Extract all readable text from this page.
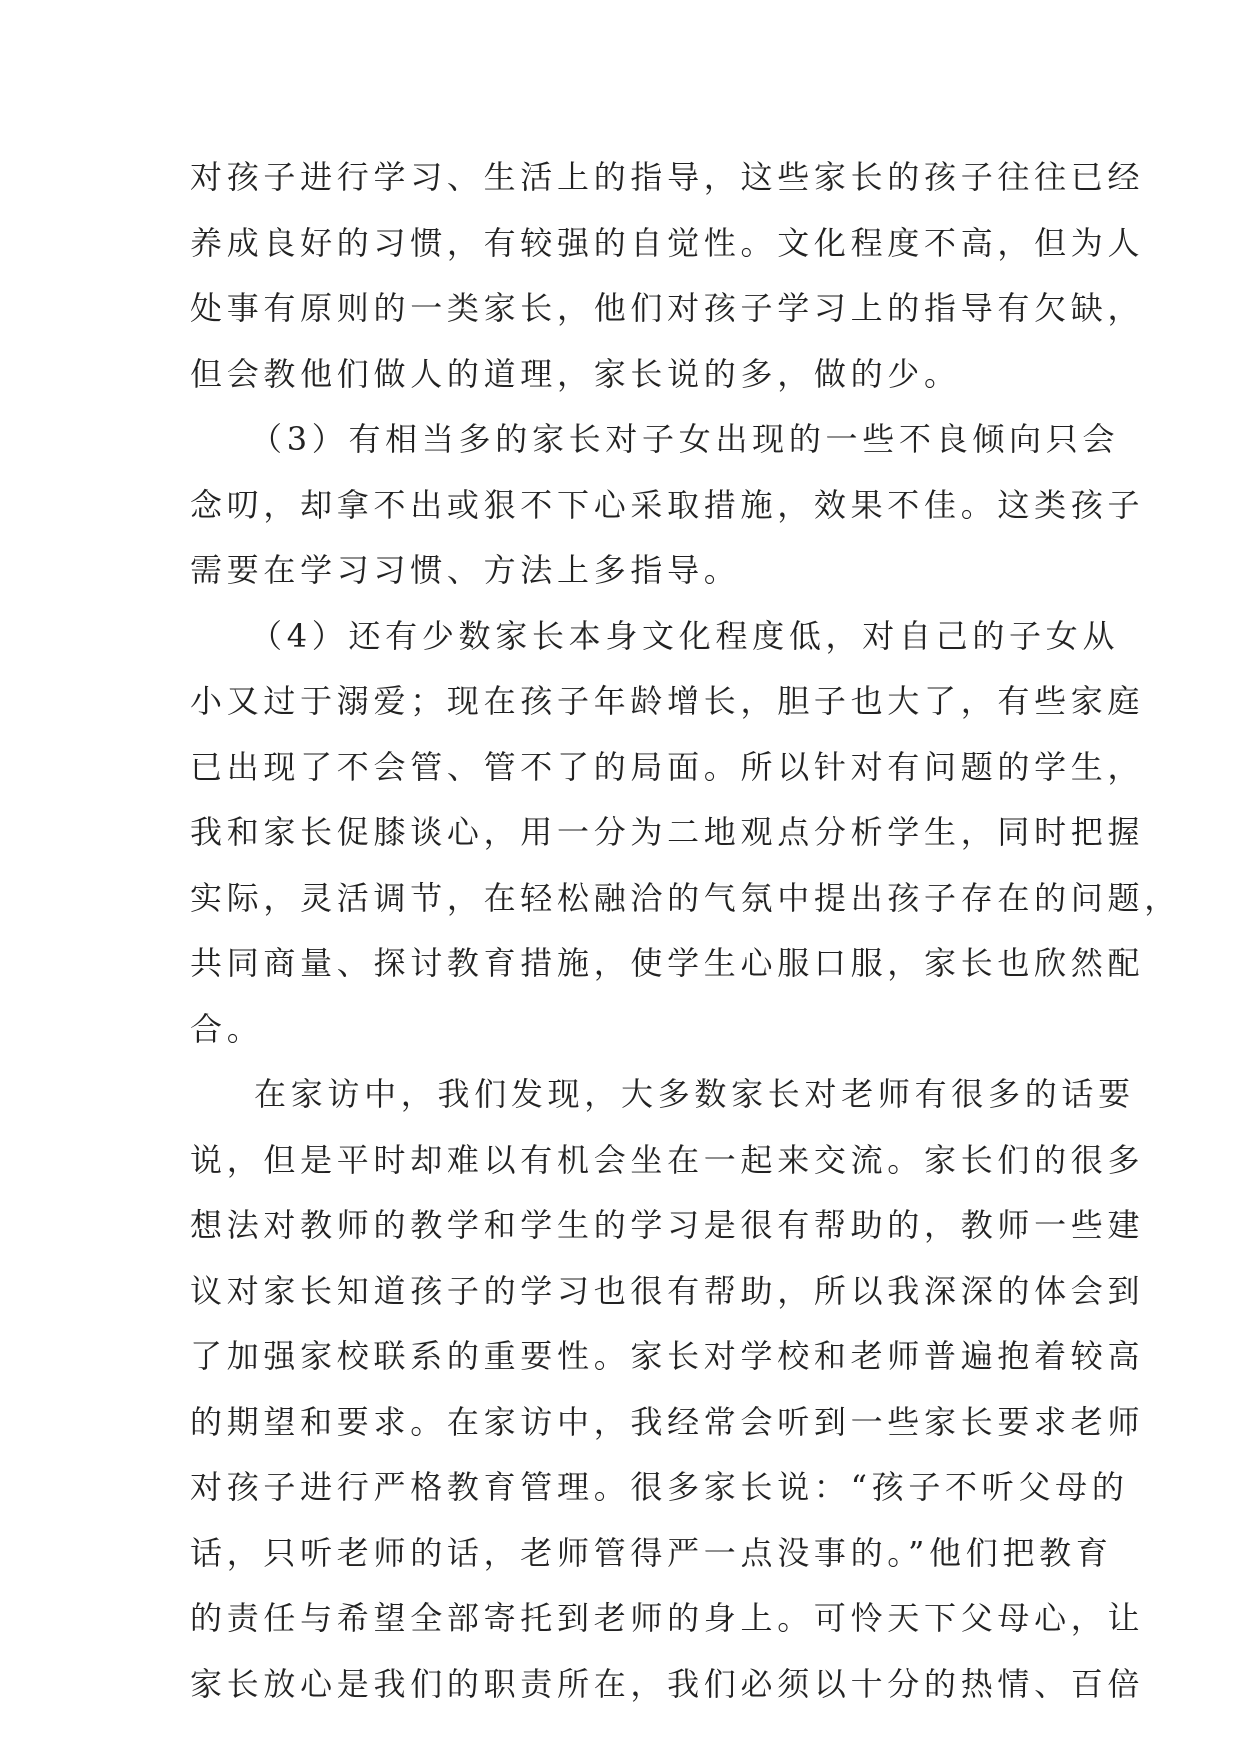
对孩子进行学习、生活上的指导，这些家长的孩子往往已经
养成良好的习惯，有较强的自觉性。文化程度不高，但为人
处事有原则的一类家长，他们对孩子学习上的指导有欠缺，
但会教他们做人的道理，家长说的多，做的少。
（3）有相当多的家长对子女出现的一些不良倾向只会
念叨，却拿不出或狠不下心采取措施，效果不佳。这类孩子
需要在学习习惯、方法上多指导。
（4）还有少数家长本身文化程度低，对自己的子女从
小又过于溺爱；现在孩子年龄增长，胆子也大了，有些家庭
已出现了不会管、管不了的局面。所以针对有问题的学生，
我和家长促膝谈心，用一分为二地观点分析学生，同时把握
实际，灵活调节，在轻松融洽的气氛中提出孩子存在的问题，
共同商量、探讨教育措施，使学生心服口服，家长也欣然配
合。
在家访中，我们发现，大多数家长对老师有很多的话要
说，但是平时却难以有机会坐在一起来交流。家长们的很多
想法对教师的教学和学生的学习是很有帮助的，教师一些建
议对家长知道孩子的学习也很有帮助，所以我深深的体会到
了加强家校联系的重要性。家长对学校和老师普遍抱着较高
的期望和要求。在家访中，我经常会听到一些家长要求老师
对孩子进行严格教育管理。很多家长说：“孩子不听父母的
话，只听老师的话，老师管得严一点没事的。”他们把教育
的责任与希望全部寄托到老师的身上。可怜天下父母心，让
家长放心是我们的职责所在，我们必须以十分的热情、百倍
